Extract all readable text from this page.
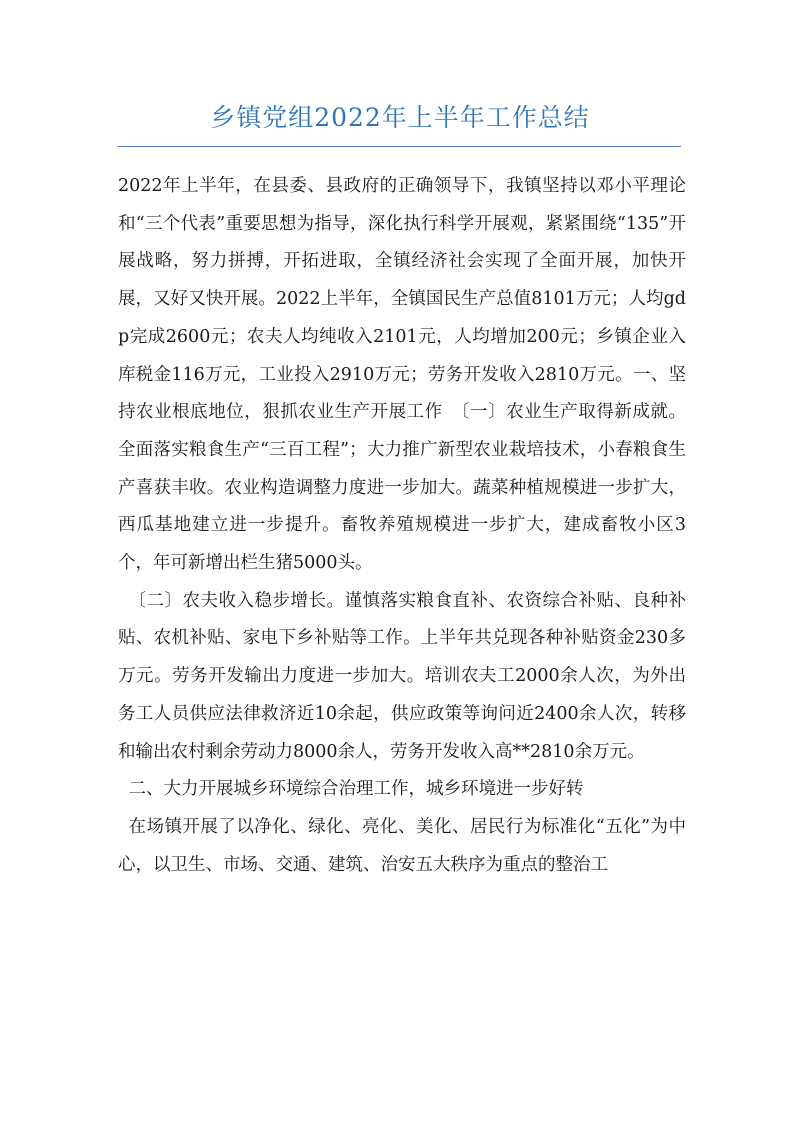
乡镇党组2022年上半年工作总结

2022年上半年，在县委、县政府的正确领导下，我镇坚持以邓小平理论和“三个代表”重要思想为指导，深化执行科学开展观，紧紧围绕“135”开展战略，努力拼搏，开拓进取，全镇经济社会实现了全面开展，加快开展，又好又快开展。2022上半年，全镇国民生产总值8101万元；人均gdp完成2600元；农夫人均纯收入2101元，人均增加200元；乡镇企业入库税金116万元，工业投入2910万元；劳务开发收入2810万元。一、坚持农业根底地位，狠抓农业生产开展工作　〔一〕农业生产取得新成就。全面落实粮食生产“三百工程”；大力推广新型农业栽培技术，小春粮食生产喜获丰收。农业构造调整力度进一步加大。蔬菜种植规模进一步扩大，西瓜基地建立进一步提升。畜牧养殖规模进一步扩大，建成畜牧小区3个，年可新增出栏生猪5000头。

〔二〕农夫收入稳步增长。谨慎落实粮食直补、农资综合补贴、良种补贴、农机补贴、家电下乡补贴等工作。上半年共兑现各种补贴资金230多万元。劳务开发输出力度进一步加大。培训农夫工2000余人次，为外出务工人员供应法律救济近10余起，供应政策等询问近2400余人次，转移和输出农村剩余劳动力8000余人，劳务开发收入高**2810余万元。

二、大力开展城乡环境综合治理工作，城乡环境进一步好转

在场镇开展了以净化、绿化、亮化、美化、居民行为标准化“五化”为中心，以卫生、市场、交通、建筑、治安五大秩序为重点的整治工
